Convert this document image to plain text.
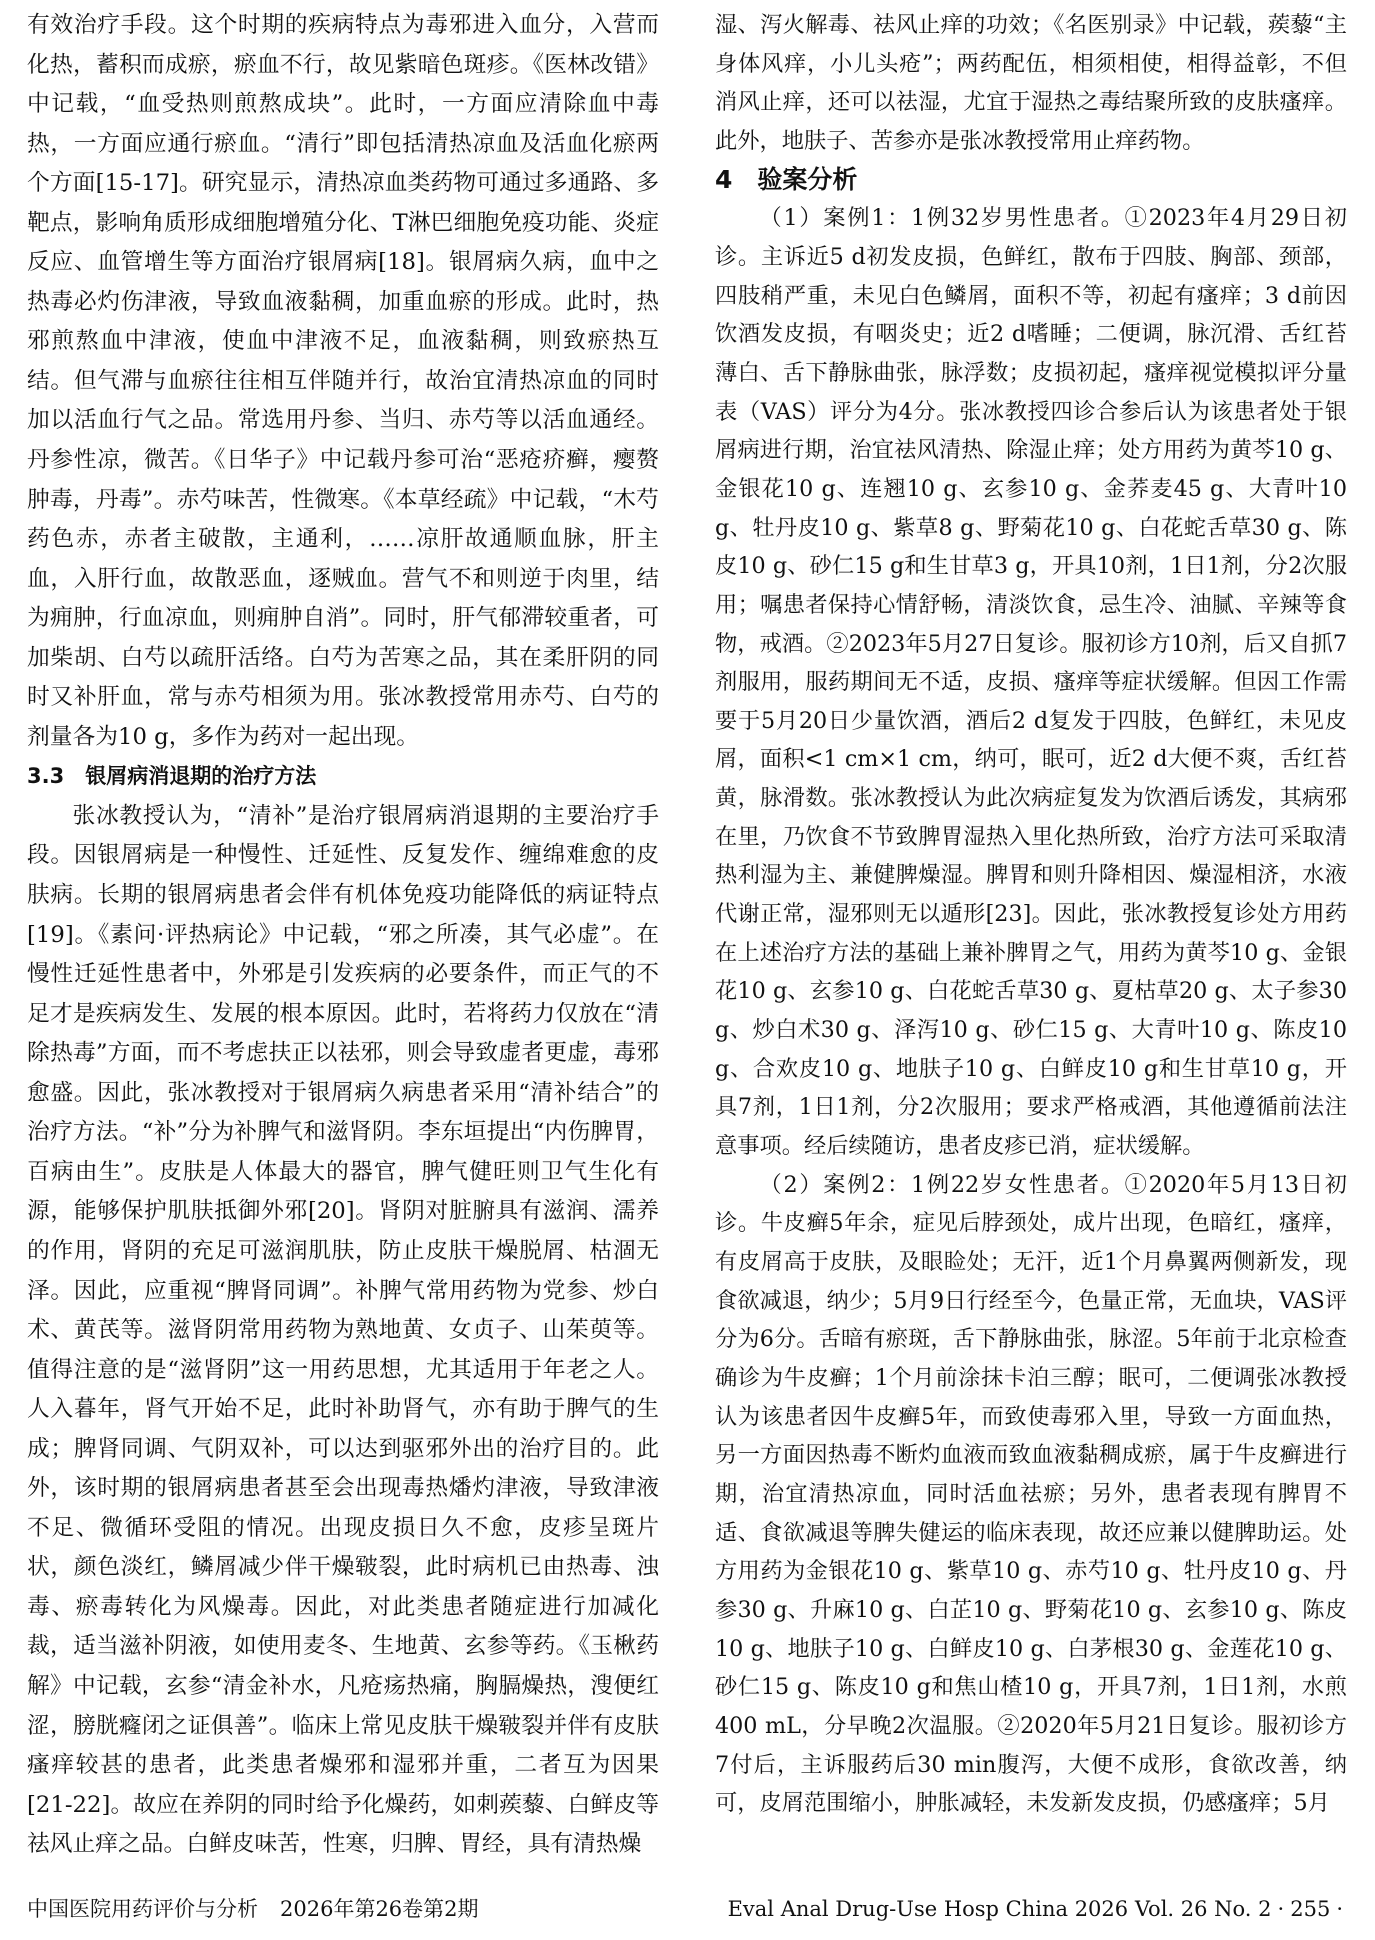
有效治疗手段。这个时期的疾病特点为毒邪进入血分，入营而化热，蓄积而成瘀，瘀血不行，故见紫暗色斑疹。《医林改错》中记载，“血受热则煎熬成块”。此时，一方面应清除血中毒热，一方面应通行瘀血。“清行”即包括清热凉血及活血化瘀两个方面[15-17]。研究显示，清热凉血类药物可通过多通路、多靶点，影响角质形成细胞增殖分化、T淋巴细胞免疫功能、炎症反应、血管增生等方面治疗银屑病[18]。银屑病久病，血中之热毒必灼伤津液，导致血液黏稠，加重血瘀的形成。此时，热邪煎熬血中津液，使血中津液不足，血液黏稠，则致瘀热互结。但气滞与血瘀往往相互伴随并行，故治宜清热凉血的同时加以活血行气之品。常选用丹参、当归、赤芍等以活血通经。丹参性凉，微苦。《日华子》中记载丹参可治“恶疮疥癣，瘿赘肿毒，丹毒”。赤芍味苦，性微寒。《本草经疏》中记载，“木芍药色赤，赤者主破散，主通利，……凉肝故通顺血脉，肝主血，入肝行血，故散恶血，逐贼血。营气不和则逆于肉里，结为痈肿，行血凉血，则痈肿自消”。同时，肝气郁滞较重者，可加柴胡、白芍以疏肝活络。白芍为苦寒之品，其在柔肝阴的同时又补肝血，常与赤芍相须为用。张冰教授常用赤芍、白芍的剂量各为10 g，多作为药对一起出现。

3.3 银屑病消退期的治疗方法

张冰教授认为，“清补”是治疗银屑病消退期的主要治疗手段。因银屑病是一种慢性、迁延性、反复发作、缠绵难愈的皮肤病。长期的银屑病患者会伴有机体免疫功能降低的病证特点[19]。《素问·评热病论》中记载，“邪之所凑，其气必虚”。在慢性迁延性患者中，外邪是引发疾病的必要条件，而正气的不足才是疾病发生、发展的根本原因。此时，若将药力仅放在“清除热毒”方面，而不考虑扶正以祛邪，则会导致虚者更虚，毒邪愈盛。因此，张冰教授对于银屑病久病患者采用“清补结合”的治疗方法。“补”分为补脾气和滋肾阴。李东垣提出“内伤脾胃，百病由生”。皮肤是人体最大的器官，脾气健旺则卫气生化有源，能够保护肌肤抵御外邪[20]。肾阴对脏腑具有滋润、濡养的作用，肾阴的充足可滋润肌肤，防止皮肤干燥脱屑、枯涸无泽。因此，应重视“脾肾同调”。补脾气常用药物为党参、炒白术、黄芪等。滋肾阴常用药物为熟地黄、女贞子、山茱萸等。值得注意的是“滋肾阴”这一用药思想，尤其适用于年老之人。人入暮年，肾气开始不足，此时补助肾气，亦有助于脾气的生成；脾肾同调、气阴双补，可以达到驱邪外出的治疗目的。此外，该时期的银屑病患者甚至会出现毒热燔灼津液，导致津液不足、微循环受阻的情况。出现皮损日久不愈，皮疹呈斑片状，颜色淡红，鳞屑减少伴干燥皲裂，此时病机已由热毒、浊毒、瘀毒转化为风燥毒。因此，对此类患者随症进行加减化裁，适当滋补阴液，如使用麦冬、生地黄、玄参等药。《玉楸药解》中记载，玄参“清金补水，凡疮疡热痛，胸膈燥热，溲便红涩，膀胱癃闭之证俱善”。临床上常见皮肤干燥皲裂并伴有皮肤瘙痒较甚的患者，此类患者燥邪和湿邪并重，二者互为因果[21-22]。故应在养阴的同时给予化燥药，如刺蒺藜、白鲜皮等祛风止痒之品。白鲜皮味苦，性寒，归脾、胃经，具有清热燥

湿、泻火解毒、祛风止痒的功效；《名医别录》中记载，蒺藜“主身体风痒，小儿头疮”；两药配伍，相须相使，相得益彰，不但消风止痒，还可以祛湿，尤宜于湿热之毒结聚所致的皮肤瘙痒。此外，地肤子、苦参亦是张冰教授常用止痒药物。

4 验案分析

（1）案例1：1例32岁男性患者。①2023年4月29日初诊。主诉近5 d初发皮损，色鲜红，散布于四肢、胸部、颈部，四肢稍严重，未见白色鳞屑，面积不等，初起有瘙痒；3 d前因饮酒发皮损，有咽炎史；近2 d嗜睡；二便调，脉沉滑、舌红苔薄白、舌下静脉曲张，脉浮数；皮损初起，瘙痒视觉模拟评分量表（VAS）评分为4分。张冰教授四诊合参后认为该患者处于银屑病进行期，治宜祛风清热、除湿止痒；处方用药为黄芩10 g、金银花10 g、连翘10 g、玄参10 g、金荞麦45 g、大青叶10 g、牡丹皮10 g、紫草8 g、野菊花10 g、白花蛇舌草30 g、陈皮10 g、砂仁15 g和生甘草3 g，开具10剂，1日1剂，分2次服用；嘱患者保持心情舒畅，清淡饮食，忌生冷、油腻、辛辣等食物，戒酒。②2023年5月27日复诊。服初诊方10剂，后又自抓7剂服用，服药期间无不适，皮损、瘙痒等症状缓解。但因工作需要于5月20日少量饮酒，酒后2 d复发于四肢，色鲜红，未见皮屑，面积<1 cm×1 cm，纳可，眠可，近2 d大便不爽，舌红苔黄，脉滑数。张冰教授认为此次病症复发为饮酒后诱发，其病邪在里，乃饮食不节致脾胃湿热入里化热所致，治疗方法可采取清热利湿为主、兼健脾燥湿。脾胃和则升降相因、燥湿相济，水液代谢正常，湿邪则无以遁形[23]。因此，张冰教授复诊处方用药在上述治疗方法的基础上兼补脾胃之气，用药为黄芩10 g、金银花10 g、玄参10 g、白花蛇舌草30 g、夏枯草20 g、太子参30 g、炒白术30 g、泽泻10 g、砂仁15 g、大青叶10 g、陈皮10 g、合欢皮10 g、地肤子10 g、白鲜皮10 g和生甘草10 g，开具7剂，1日1剂，分2次服用；要求严格戒酒，其他遵循前法注意事项。经后续随访，患者皮疹已消，症状缓解。

（2）案例2：1例22岁女性患者。①2020年5月13日初诊。牛皮癣5年余，症见后脖颈处，成片出现，色暗红，瘙痒，有皮屑高于皮肤，及眼睑处；无汗，近1个月鼻翼两侧新发，现食欲减退，纳少；5月9日行经至今，色量正常，无血块，VAS评分为6分。舌暗有瘀斑，舌下静脉曲张，脉涩。5年前于北京检查确诊为牛皮癣；1个月前涂抹卡泊三醇；眠可，二便调张冰教授认为该患者因牛皮癣5年，而致使毒邪入里，导致一方面血热，另一方面因热毒不断灼血液而致血液黏稠成瘀，属于牛皮癣进行期，治宜清热凉血，同时活血祛瘀；另外，患者表现有脾胃不适、食欲减退等脾失健运的临床表现，故还应兼以健脾助运。处方用药为金银花10 g、紫草10 g、赤芍10 g、牡丹皮10 g、丹参30 g、升麻10 g、白芷10 g、野菊花10 g、玄参10 g、陈皮10 g、地肤子10 g、白鲜皮10 g、白茅根30 g、金莲花10 g、砂仁15 g、陈皮10 g和焦山楂10 g，开具7剂，1日1剂，水煎400 mL，分早晚2次温服。②2020年5月21日复诊。服初诊方7付后，主诉服药后30 min腹泻，大便不成形，食欲改善，纳可，皮屑范围缩小，肿胀减轻，未发新发皮损，仍感瘙痒；5月

中国医院用药评价与分析 2026年第26卷第2期	Eval Anal Drug-Use Hosp China 2026 Vol. 26 No. 2 · 255 ·
